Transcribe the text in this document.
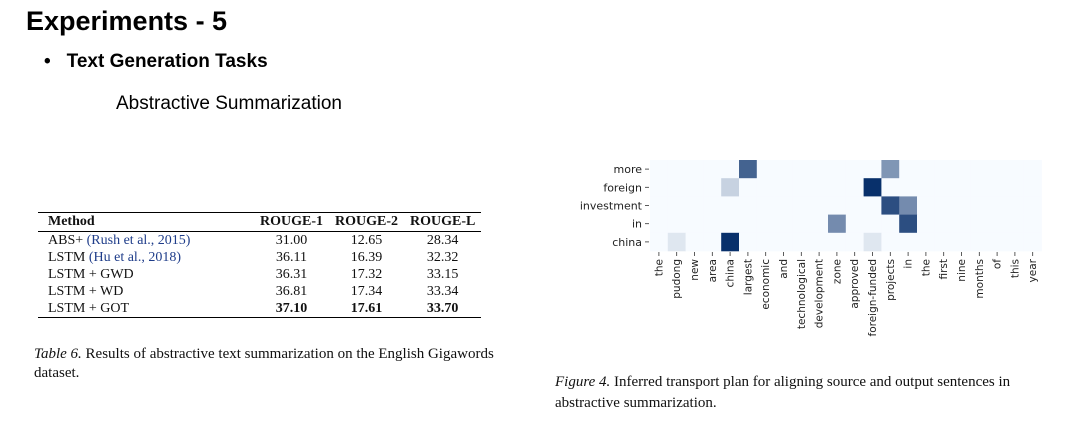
Experiments - 5
• Text Generation Tasks
Abstractive Summarization
Method	ROUGE-1	ROUGE-2	ROUGE-L
ABS+ (Rush et al., 2015)	31.00	12.65	28.34
LSTM (Hu et al., 2018)	36.11	16.39	32.32
LSTM + GWD	36.31	17.32	33.15
LSTM + WD	36.81	17.34	33.34
LSTM + GOT	37.10	17.61	33.70
Table 6. Results of abstractive text summarization on the English Gigawords dataset.
more
foreign
investment
in
china
the pudong new area china largest economic and technological development zone approved foreign-funded projects in the first nine months of this year
Figure 4. Inferred transport plan for aligning source and output sentences in abstractive summarization.
